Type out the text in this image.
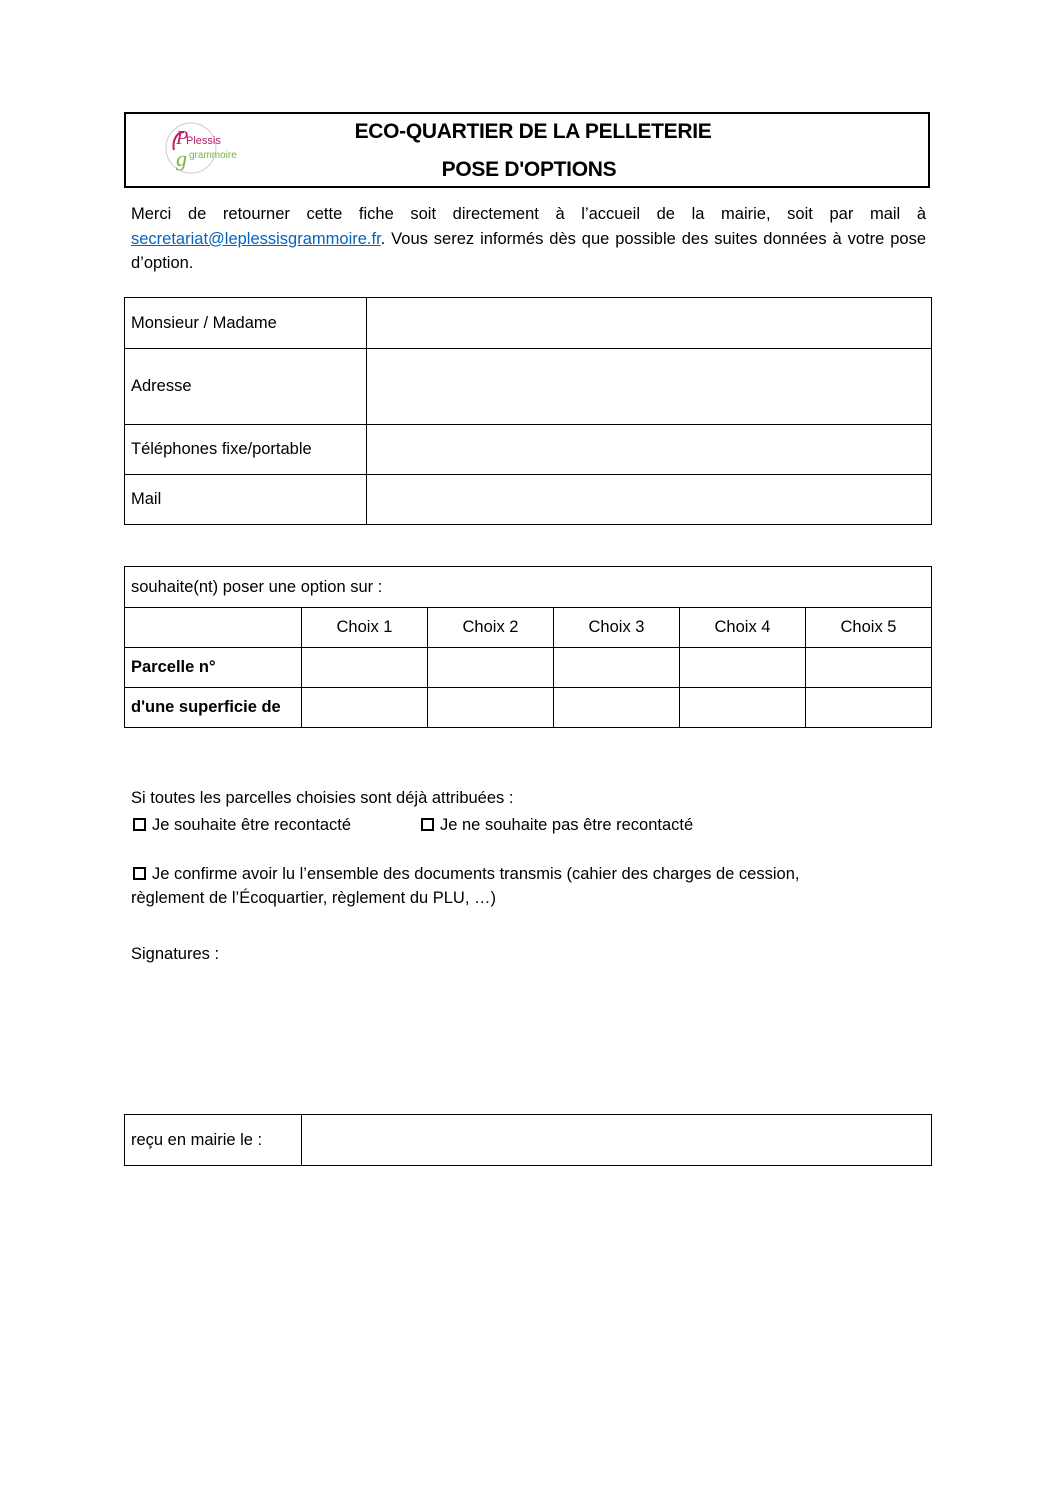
P
Plessis
g grammoire
ECO-QUARTIER DE LA PELLETERIE
POSE D'OPTIONS
Merci de retourner cette fiche soit directement à l’accueil de la mairie, soit par mail à secretariat@leplessisgrammoire.fr. Vous serez informés dès que possible des suites données à votre pose d’option.
Monsieur / Madame	
Adresse	
Téléphones fixe/portable	
Mail	
souhaite(nt) poser une option sur :					
	Choix 1	Choix 2	Choix 3	Choix 4	Choix 5
Parcelle n°					
d'une superficie de					
Si toutes les parcelles choisies sont déjà attribuées :
Je souhaite être recontacté	Je ne souhaite pas être recontacté
Je confirme avoir lu l’ensemble des documents transmis (cahier des charges de cession,
règlement de l’Écoquartier, règlement du PLU, …)
Signatures :
reçu en mairie le :	
